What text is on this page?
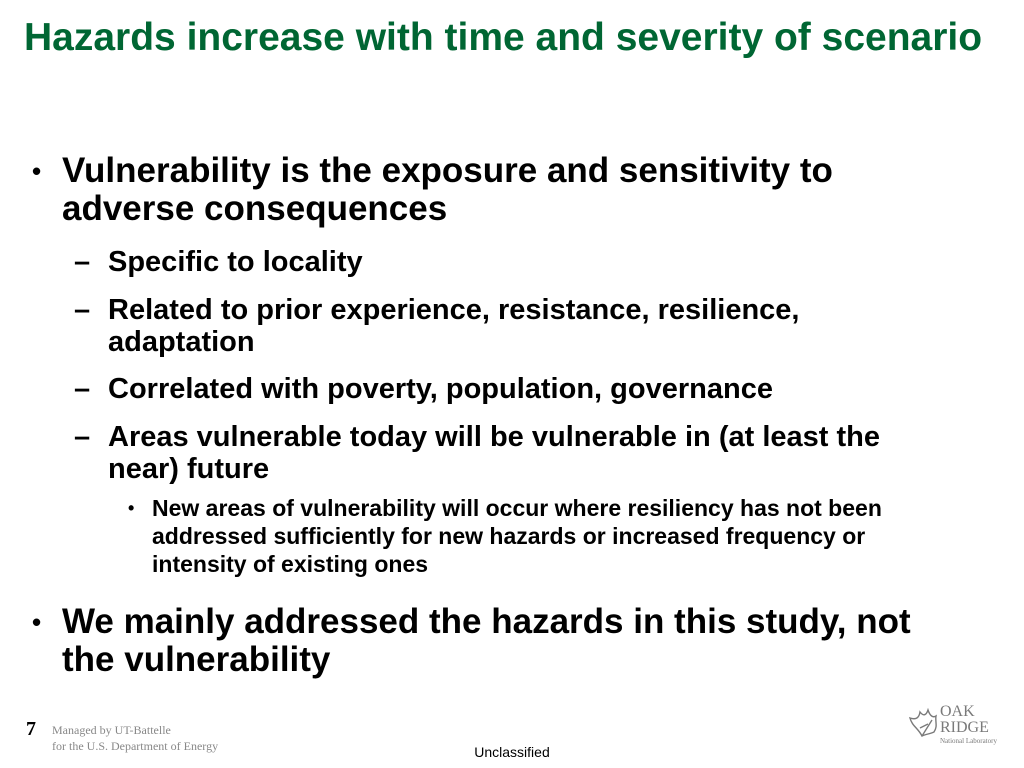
Hazards increase with time and severity of scenario
• Vulnerability is the exposure and sensitivity to adverse consequences
– Specific to locality
– Related to prior experience, resistance, resilience, adaptation
– Correlated with poverty, population, governance
– Areas vulnerable today will be vulnerable in (at least the near) future
• New areas of vulnerability will occur where resiliency has not been addressed sufficiently for new hazards or increased frequency or intensity of existing ones
• We mainly addressed the hazards in this study, not the vulnerability
7 Managed by UT-Battelle
for the U.S. Department of Energy	Unclassified
OAK
RIDGE
National Laboratory
